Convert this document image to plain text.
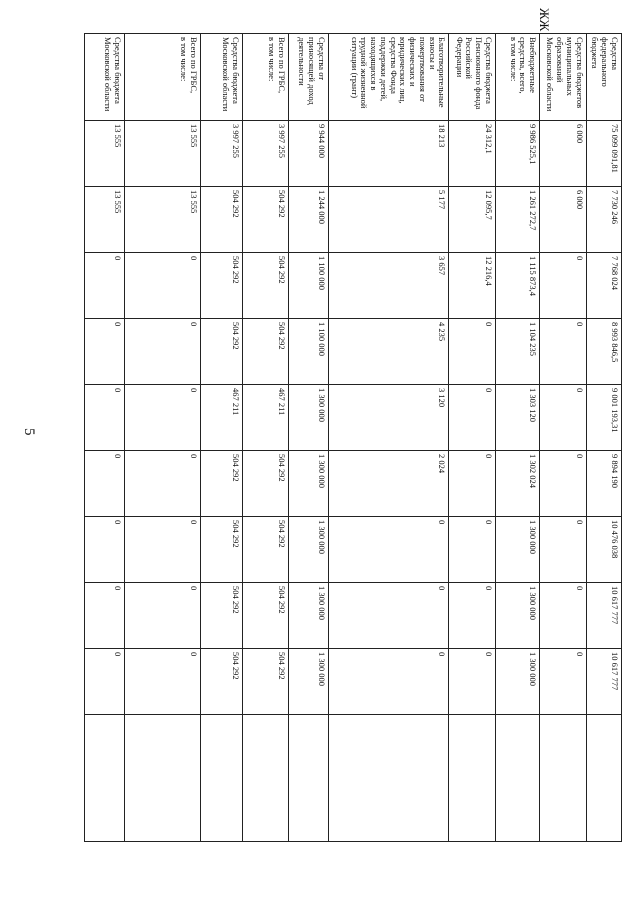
5
ЖЖ
Средства федерального бюджета	75 099 091,81	7 730 246	7 768 024	8 993 846,5	9 001 193,31	9 894 190	10 476 038	10 617 777	10 617 777		
Средства бюджетов муниципальных образований Московской области	6 000	6 000	0	0	0	0	0	0	0		
Внебюджетные средства, всего,
в том числе:	9 986 525,1	1 261 272,7	1 115 873,4	1 104 235	1 303 120	1 302 024	1 300 000	1 300 000	1 300 000		
Средства бюджета Пенсионного фонда Российской Федерации	24 312,1	12 095,7	12 216,4	0	0	0	0	0	0		
Благотворительные взносы и пожертвования от физических и юридических лиц, средства Фонда поддержки детей, находящихся в трудной жизненной ситуации (грант)	18 213	5 177	3 657	4 235	3 120	2 024	0	0	0		
Средства от приносящей доход деятельности	9 944 000	1 244 000	1 100 000	1 100 000	1 300 000	1 300 000	1 300 000	1 300 000	1 300 000		
Всего по ГРБС,
в том числе:	3 997 255	504 292	504 292	504 292	467 211	504 292	504 292	504 292	504 292		
Средства бюджета Московской области	3 997 255	504 292	504 292	504 292	467 211	504 292	504 292	504 292	504 292		
Всего по ГРБС,
в том числе:	13 555	13 555	0	0	0	0	0	0	0		
Средства бюджета Московской области	13 555	13 555	0	0	0	0	0	0	0		
